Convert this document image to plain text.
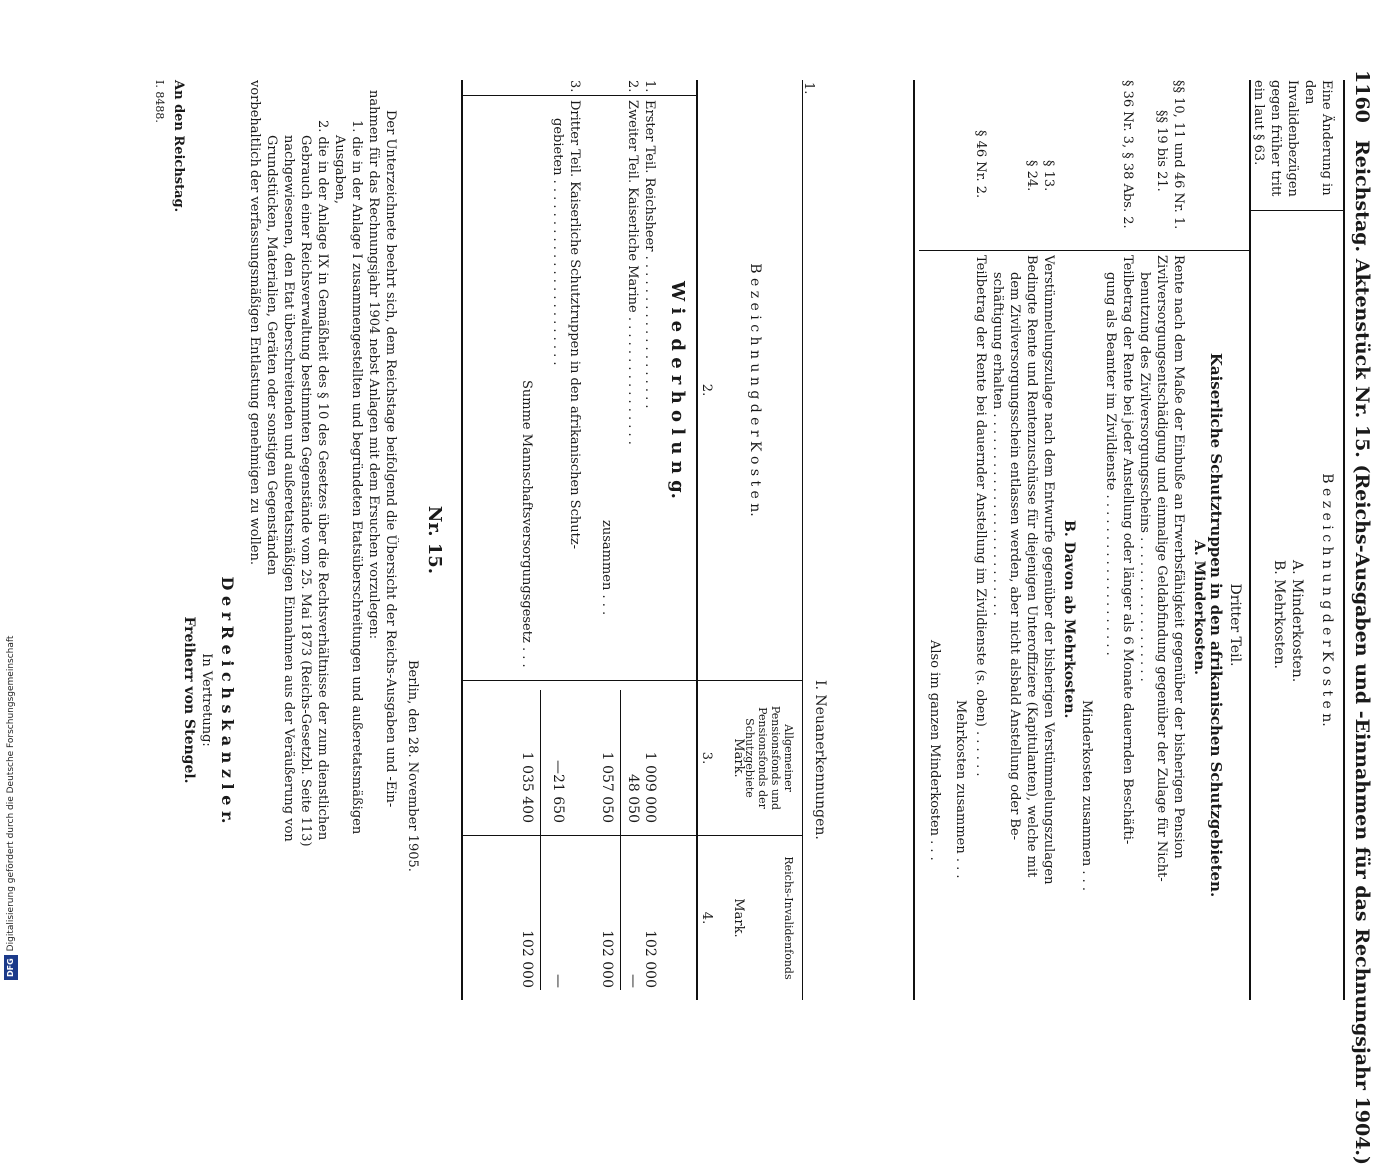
DFGDigitalisierung gefördert durch die Deutsche Forschungsgemeinschaft
1160
Reichstag. Aktenstück Nr. 15. (Reichs-Ausgaben und -Einnahmen für das Rechnungsjahr 1904.)
Eine Änderung in den Invalidenbezügen gegen früher tritt ein laut § 63.
B e z e i c h n u n g d e r K o s t e n.
A. Minderkosten.
B. Mehrkosten.
Dritter Teil.
Kaiserliche Schutztruppen in den afrikanischen Schutzgebieten.
A. Minderkosten.
§§ 10, 11 und 46 Nr. 1.
Rente nach dem Maße der Einbuße an Erwerbsfähigkeit gegenüber der bisherigen Pension
§§ 19 bis 21.
Zivilversorgungsentschädigung und einmalige Geldabfindung gegenüber der Zulage für Nicht-
benutzung des Zivilversorgungsscheins . . . . . . . . . . . . . . . . . .
§ 36 Nr. 3, § 38 Abs. 2.
Teilbetrag der Rente bei jeder Anstellung oder länger als 6 Monate dauernden Beschäfti-
gung als Beamter im Zivildienste . . . . . . . . . . . . . . . . . . . .
Minderkosten zusammen . . .
B. Davon ab Mehrkosten.
§ 13.
Verstümmelungszulage nach dem Entwurfe gegenüber der bisherigen Verstümmelungszulagen
§ 24.
Bedingte Rente und Rentenzuschüsse für diejenigen Unteroffiziere (Kapitulanten), welche mit
dem Zivilversorgungsschein entlassen werden, aber nicht alsbald Anstellung oder Be-
schäftigung erhalten . . . . . . . . . . . . . . . . . . . . . . . . .
§ 46 Nr. 2.
Teilbetrag der Rente bei dauernder Anstellung im Zivildienste (s. oben) . . . . . .
Mehrkosten zusammen . . .
Also im ganzen Minderkosten . . .
I. Neuanerkennungen.
1.
B e z e i c h n u n g d e r K o s t e n.
2.
Allgemeiner Pensionsfonds und Pensionsfonds der Schutzgebiete
Mark.
3.
Reichs-Invalidenfonds
Mark.
4.
W i e d e r h o l u n g.
1.
Erster Teil. Reichsheer . . . . . . . . . . . . . . . . . . .
1 009 000
102 000
2.
Zweiter Teil. Kaiserliche Marine . . . . . . . . . . . . . . . .
48 050
—
zusammen . . .
1 057 050
102 000
3.
Dritter Teil. Kaiserliche Schutztruppen in den afrikanischen Schutz-
gebieten . . . . . . . . . . . . . . . . . . . . . . .
—21 650
—
Summe Mannschaftsversorgungsgesetz . . .
1 035 400
102 000
Nr. 15.
Berlin, den 28. November 1905.
Der Unterzeichnete beehrt sich, dem Reichstage beifolgend die Übersicht der Reichs-Ausgaben und -Ein-
nahmen für das Rechnungsjahr 1904 nebst Anlagen mit dem Ersuchen vorzulegen:
1. die in der Anlage I zusammengestellten und begründeten Etatsüberschreitungen und außeretatsmäßigen
Ausgaben,
2. die in der Anlage IX in Gemäßheit des § 10 des Gesetzes über die Rechtsverhältnisse der zum dienstlichen
Gebrauch einer Reichsverwaltung bestimmten Gegenstände vom 25. Mai 1873 (Reichs-Gesetzbl. Seite 113)
nachgewiesenen, den Etat überschreitenden und außeretatsmäßigen Einnahmen aus der Veräußerung von
Grundstücken, Materialien, Geräten oder sonstigen Gegenständen
vorbehaltlich
der verfassungsmäßigen Entlastung genehmigen zu wollen.
D e r R e i c h s k a n z l e r.
In Vertretung:
Freiherr von Stengel.
An den Reichstag.
I. 8488.
